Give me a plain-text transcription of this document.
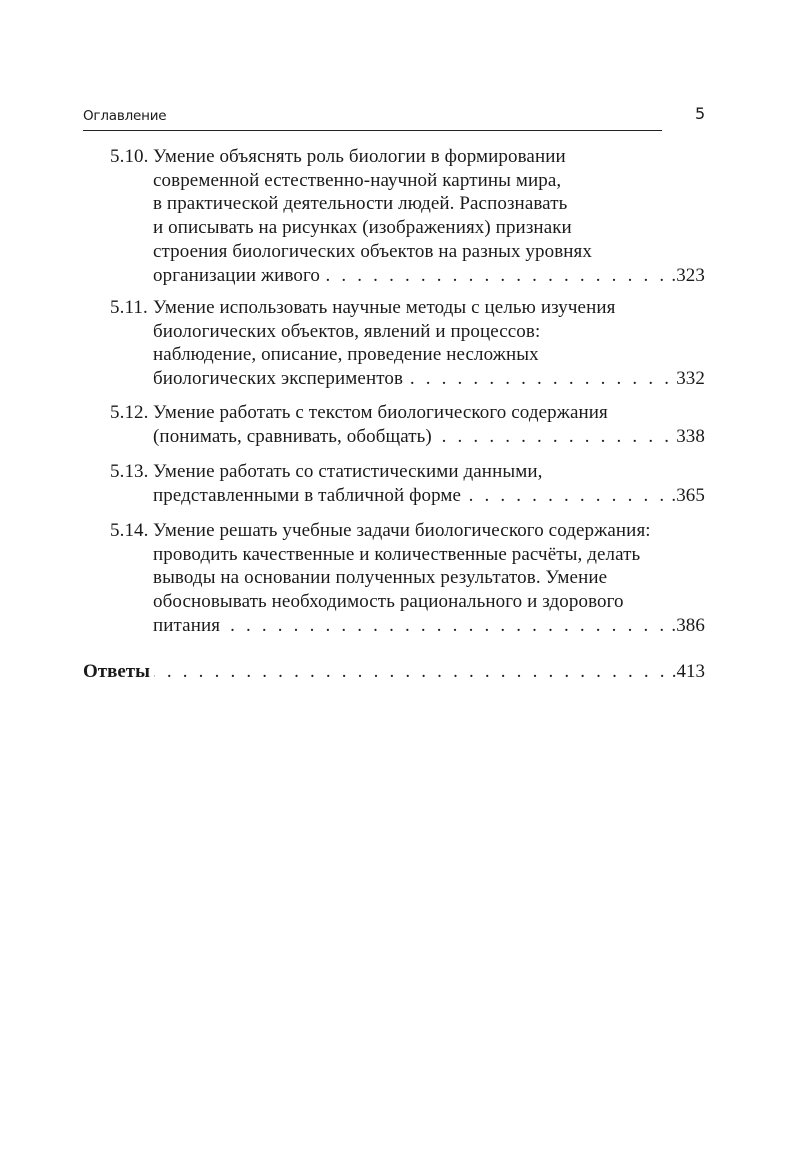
Оглавление	5
5.10. Умение объяснять роль биологии в формировании
современной естественно-научной картины мира,
в практической деятельности людей. Распознавать
и описывать на рисунках (изображениях) признаки
строения биологических объектов на разных уровнях
организации живого . . .	.323
5.11. Умение использовать научные методы с целью изучения
биологических объектов, явлений и процессов:
наблюдение, описание, проведение несложных
биологических экспериментов . . .	332
5.12. Умение работать с текстом биологического содержания
(понимать, сравнивать, обобщать) . . .	338
5.13. Умение работать со статистическими данными,
представленными в табличной форме . . .	.365
5.14. Умение решать учебные задачи биологического содержания:
проводить качественные и количественные расчёты, делать
выводы на основании полученных результатов. Умение
обосновывать необходимость рационального и здорового
питания . . .	.386
Ответы . . .	.413
